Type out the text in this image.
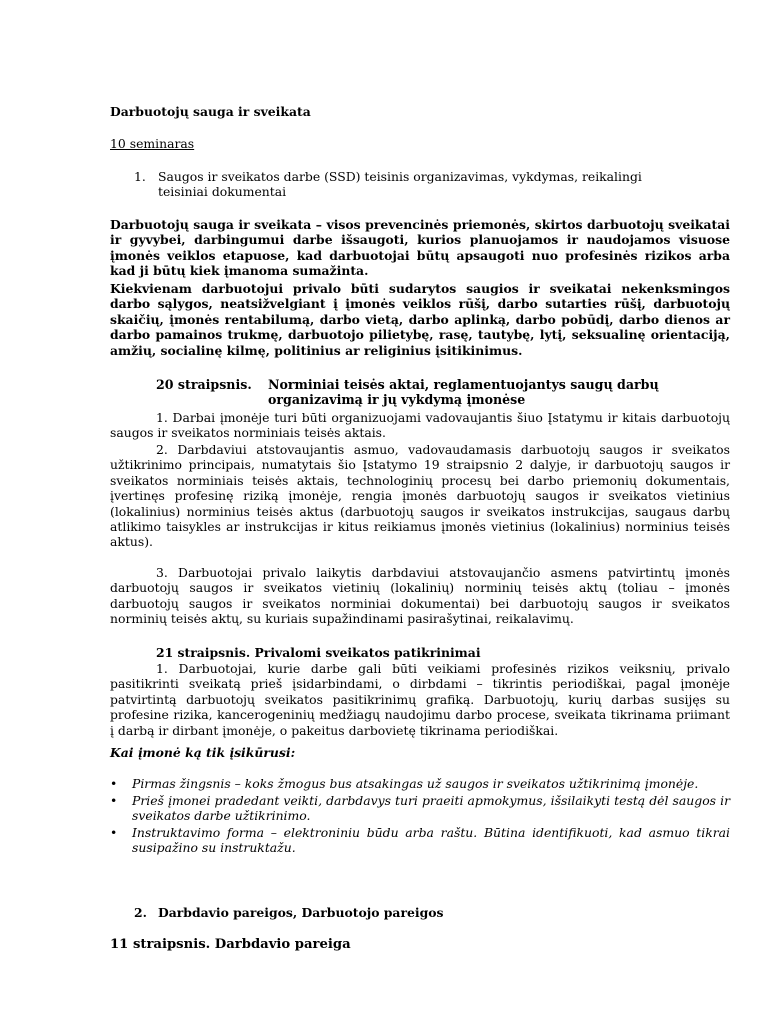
Darbuotojų sauga ir sveikata

10 seminaras

1. Saugos ir sveikatos darbe (SSD) teisinis organizavimas, vykdymas, reikalingi teisiniai dokumentai

Darbuotojų sauga ir sveikata – visos prevencinės priemonės, skirtos darbuotojų sveikatai ir gyvybei, darbingumui darbe išsaugoti, kurios planuojamos ir naudojamos visuose įmonės veiklos etapuose, kad darbuotojai būtų apsaugoti nuo profesinės rizikos arba kad ji būtų kiek įmanoma sumažinta.

Kiekvienam darbuotojui privalo būti sudarytos saugios ir sveikatai nekenksmingos darbo sąlygos, neatsižvelgiant į įmonės veiklos rūšį, darbo sutarties rūšį, darbuotojų skaičių, įmonės rentabilumą, darbo vietą, darbo aplinką, darbo pobūdį, darbo dienos ar darbo pamainos trukmę, darbuotojo pilietybę, rasę, tautybę, lytį, seksualinę orientaciją, amžių, socialinę kilmę, politinius ar religinius įsitikinimus.

20 straipsnis. Norminiai teisės aktai, reglamentuojantys saugų darbų organizavimą ir jų vykdymą įmonėse

1. Darbai įmonėje turi būti organizuojami vadovaujantis šiuo Įstatymu ir kitais darbuotojų saugos ir sveikatos norminiais teisės aktais.

2. Darbdaviui atstovaujantis asmuo, vadovaudamasis darbuotojų saugos ir sveikatos užtikrinimo principais, numatytais šio Įstatymo 19 straipsnio 2 dalyje, ir darbuotojų saugos ir sveikatos norminiais teisės aktais, technologinių procesų bei darbo priemonių dokumentais, įvertinęs profesinę riziką įmonėje, rengia įmonės darbuotojų saugos ir sveikatos vietinius (lokalinius) norminius teisės aktus (darbuotojų saugos ir sveikatos instrukcijas, saugaus darbų atlikimo taisykles ar instrukcijas ir kitus reikiamus įmonės vietinius (lokalinius) norminius teisės aktus).

3. Darbuotojai privalo laikytis darbdaviui atstovaujančio asmens patvirtintų įmonės darbuotojų saugos ir sveikatos vietinių (lokalinių) norminių teisės aktų (toliau – įmonės darbuotojų saugos ir sveikatos norminiai dokumentai) bei darbuotojų saugos ir sveikatos norminių teisės aktų, su kuriais supažindinami pasirašytinai, reikalavimų.

21 straipsnis. Privalomi sveikatos patikrinimai

1. Darbuotojai, kurie darbe gali būti veikiami profesinės rizikos veiksnių, privalo pasitikrinti sveikatą prieš įsidarbindami, o dirbdami – tikrintis periodiškai, pagal įmonėje patvirtintą darbuotojų sveikatos pasitikrinimų grafiką. Darbuotojų, kurių darbas susijęs su profesine rizika, kancerogeninių medžiagų naudojimu darbo procese, sveikata tikrinama priimant į darbą ir dirbant įmonėje, o pakeitus darbovietę tikrinama periodiškai.

Kai įmonė ką tik įsikūrusi:

• Pirmas žingsnis – koks žmogus bus atsakingas už saugos ir sveikatos užtikrinimą įmonėje.
• Prieš įmonei pradedant veikti, darbdavys turi praeiti apmokymus, išsilaikyti testą dėl saugos ir sveikatos darbe užtikrinimo.
• Instruktavimo forma – elektroniniu būdu arba raštu. Būtina identifikuoti, kad asmuo tikrai susipažino su instruktažu.
2. Darbdavio pareigos, Darbuotojo pareigos

11 straipsnis. Darbdavio pareiga
